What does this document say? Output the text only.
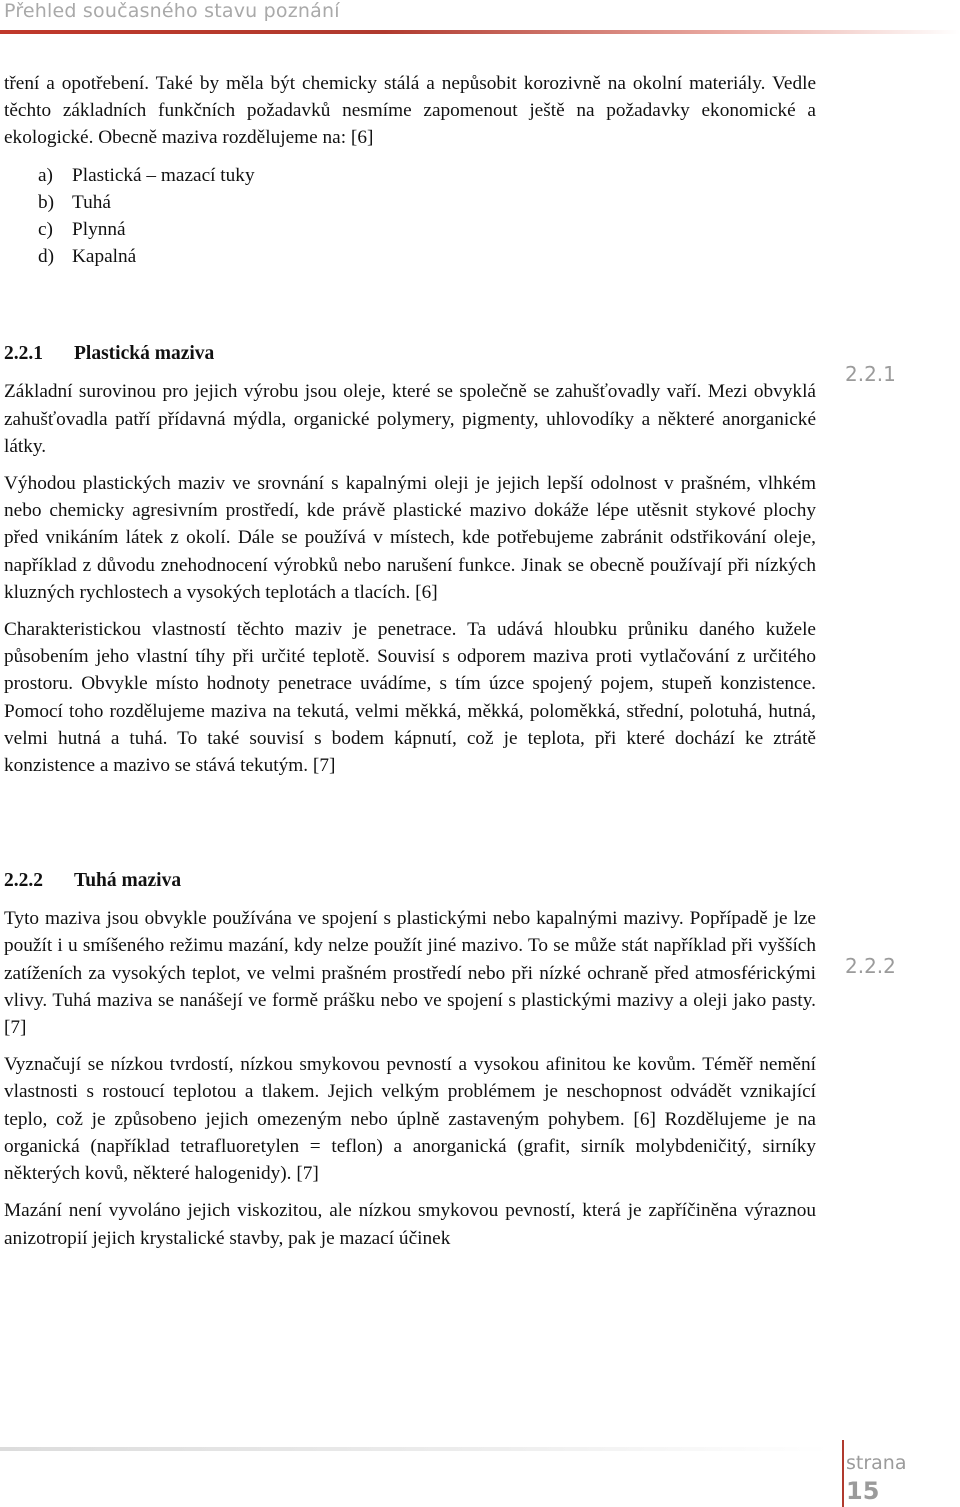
Přehled současného stavu poznání

tření a opotřebení. Také by měla být chemicky stálá a nepůsobit korozivně na okolní materiály. Vedle těchto základních funkčních požadavků nesmíme zapomenout ještě na požadavky ekonomické a ekologické. Obecně maziva rozdělujeme na: [6]

a) Plastická – mazací tuky
b) Tuhá
c) Plynná
d) Kapalná
2.2.1 Plastická maziva

Základní surovinou pro jejich výrobu jsou oleje, které se společně se zahušťovadly vaří. Mezi obvyklá zahušťovadla patří přídavná mýdla, organické polymery, pigmenty, uhlovodíky a některé anorganické látky.

Výhodou plastických maziv ve srovnání s kapalnými oleji je jejich lepší odolnost v prašném, vlhkém nebo chemicky agresivním prostředí, kde právě plastické mazivo dokáže lépe utěsnit stykové plochy před vnikáním látek z okolí. Dále se používá v místech, kde potřebujeme zabránit odstřikování oleje, například z důvodu znehodnocení výrobků nebo narušení funkce. Jinak se obecně používají při nízkých kluzných rychlostech a vysokých teplotách a tlacích. [6]

Charakteristickou vlastností těchto maziv je penetrace. Ta udává hloubku průniku daného kužele působením jeho vlastní tíhy při určité teplotě. Souvisí s odporem maziva proti vytlačování z určitého prostoru. Obvykle místo hodnoty penetrace uvádíme, s tím úzce spojený pojem, stupeň konzistence. Pomocí toho rozdělujeme maziva na tekutá, velmi měkká, měkká, poloměkká, střední, polotuhá, hutná, velmi hutná a tuhá. To také souvisí s bodem kápnutí, což je teplota, při které dochází ke ztrátě konzistence a mazivo se stává tekutým. [7]

2.2.2 Tuhá maziva

Tyto maziva jsou obvykle používána ve spojení s plastickými nebo kapalnými mazivy. Popřípadě je lze použít i u smíšeného režimu mazání, kdy nelze použít jiné mazivo. To se může stát například při vyšších zatíženích za vysokých teplot, ve velmi prašném prostředí nebo při nízké ochraně před atmosférickými vlivy. Tuhá maziva se nanášejí ve formě prášku nebo ve spojení s plastickými mazivy a oleji jako pasty. [7]

Vyznačují se nízkou tvrdostí, nízkou smykovou pevností a vysokou afinitou ke kovům. Téměř nemění vlastnosti s rostoucí teplotou a tlakem. Jejich velkým problémem je neschopnost odvádět vznikající teplo, což je způsobeno jejich omezeným nebo úplně zastaveným pohybem. [6] Rozdělujeme je na organická (například tetrafluoretylen = teflon) a anorganická (grafit, sirník molybdeničitý, sirníky některých kovů, některé halogenidy). [7]

Mazání není vyvoláno jejich viskozitou, ale nízkou smykovou pevností, která je zapříčiněna výraznou anizotropií jejich krystalické stavby, pak je mazací účinek

2.2.1
2.2.2
strana
15
